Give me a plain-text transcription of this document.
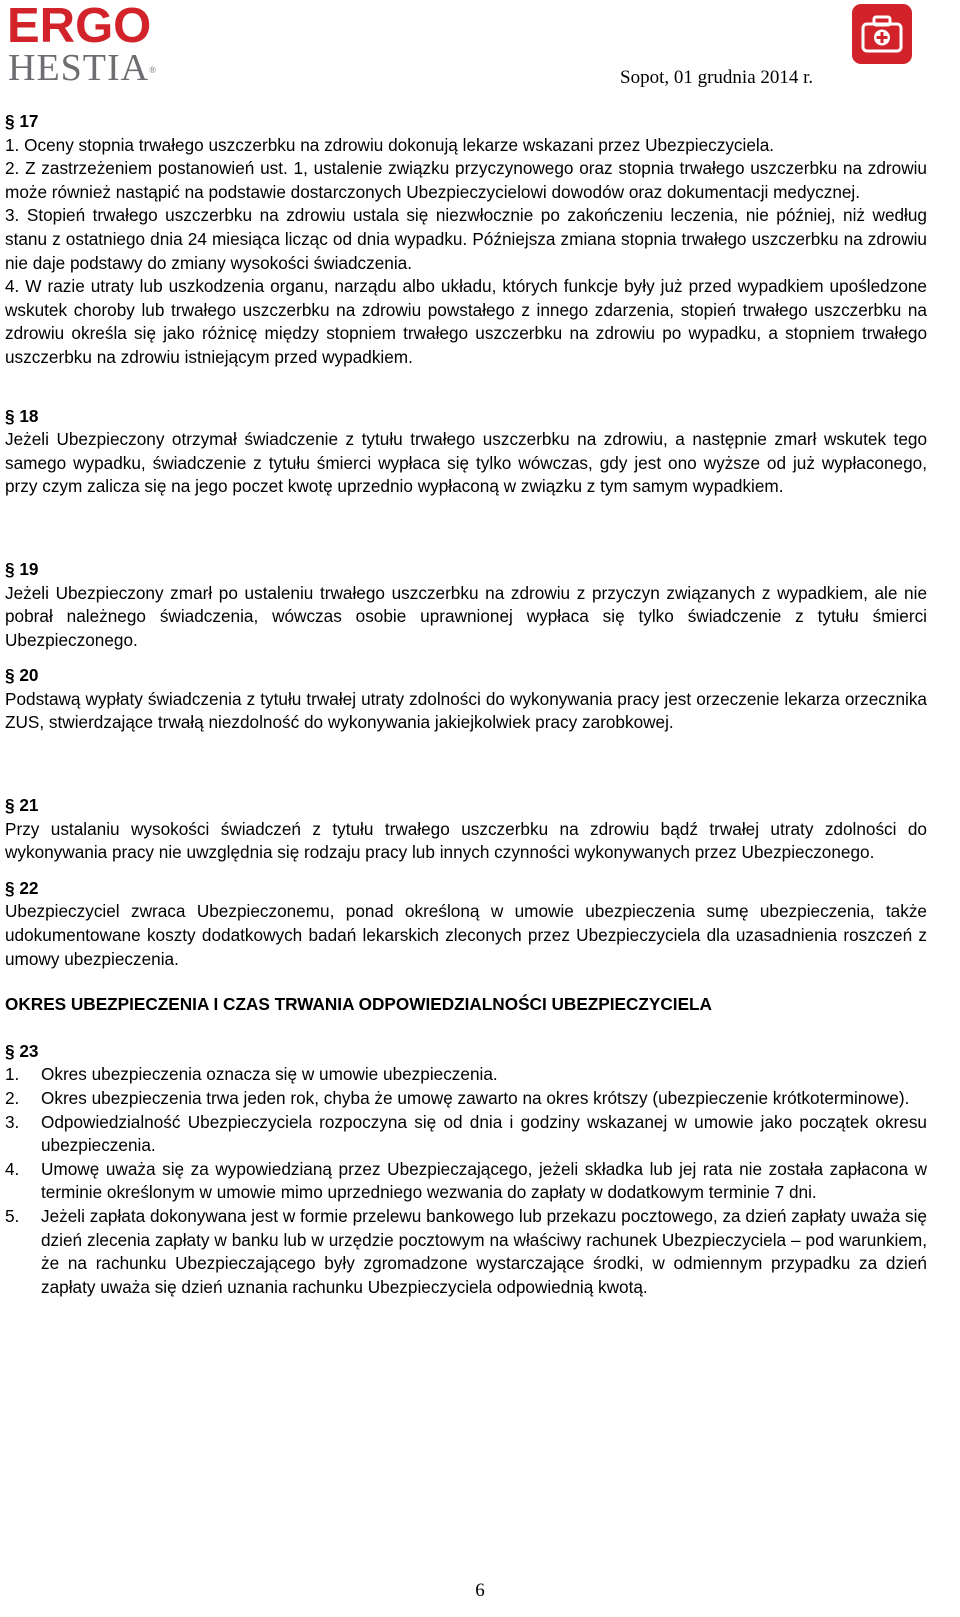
ERGO
HESTIA®	Sopot, 01 grudnia 2014 r.

§ 17

1. Oceny stopnia trwałego uszczerbku na zdrowiu dokonują lekarze wskazani przez Ubezpieczyciela.

2. Z zastrzeżeniem postanowień ust. 1, ustalenie związku przyczynowego oraz stopnia trwałego uszczerbku na zdrowiu może również nastąpić na podstawie dostarczonych Ubezpieczycielowi dowodów oraz dokumentacji medycznej.

3. Stopień trwałego uszczerbku na zdrowiu ustala się niezwłocznie po zakończeniu leczenia, nie później, niż według stanu z ostatniego dnia 24 miesiąca licząc od dnia wypadku. Późniejsza zmiana stopnia trwałego uszczerbku na zdrowiu nie daje podstawy do zmiany wysokości świadczenia.

4. W razie utraty lub uszkodzenia organu, narządu albo układu, których funkcje były już przed wypadkiem upośledzone wskutek choroby lub trwałego uszczerbku na zdrowiu powstałego z innego zdarzenia, stopień trwałego uszczerbku na zdrowiu określa się jako różnicę między stopniem trwałego uszczerbku na zdrowiu po wypadku, a stopniem trwałego uszczerbku na zdrowiu istniejącym przed wypadkiem.

§ 18

Jeżeli Ubezpieczony otrzymał świadczenie z tytułu trwałego uszczerbku na zdrowiu, a następnie zmarł wskutek tego samego wypadku, świadczenie z tytułu śmierci wypłaca się tylko wówczas, gdy jest ono wyższe od już wypłaconego, przy czym zalicza się na jego poczet kwotę uprzednio wypłaconą w związku z tym samym wypadkiem.

§ 19

Jeżeli Ubezpieczony zmarł po ustaleniu trwałego uszczerbku na zdrowiu z przyczyn związanych z wypadkiem, ale nie pobrał należnego świadczenia, wówczas osobie uprawnionej wypłaca się tylko świadczenie z tytułu śmierci Ubezpieczonego.

§ 20

Podstawą wypłaty świadczenia z tytułu trwałej utraty zdolności do wykonywania pracy jest orzeczenie lekarza orzecznika ZUS, stwierdzające trwałą niezdolność do wykonywania jakiejkolwiek pracy zarobkowej.

§ 21

Przy ustalaniu wysokości świadczeń z tytułu trwałego uszczerbku na zdrowiu bądź trwałej utraty zdolności do wykonywania pracy nie uwzględnia się rodzaju pracy lub innych czynności wykonywanych przez Ubezpieczonego.

§ 22

Ubezpieczyciel zwraca Ubezpieczonemu, ponad określoną w umowie ubezpieczenia sumę ubezpieczenia, także udokumentowane koszty dodatkowych badań lekarskich zleconych przez Ubezpieczyciela dla uzasadnienia roszczeń z umowy ubezpieczenia.

OKRES UBEZPIECZENIA I CZAS TRWANIA ODPOWIEDZIALNOŚCI UBEZPIECZYCIELA

§ 23

1.	Okres ubezpieczenia oznacza się w umowie ubezpieczenia.
2.	Okres ubezpieczenia trwa jeden rok, chyba że umowę zawarto na okres krótszy (ubezpieczenie krótkoterminowe).
3.	Odpowiedzialność Ubezpieczyciela rozpoczyna się od dnia i godziny wskazanej w umowie jako początek okresu ubezpieczenia.
4.	Umowę uważa się za wypowiedzianą przez Ubezpieczającego, jeżeli składka lub jej rata nie została zapłacona w terminie określonym w umowie mimo uprzedniego wezwania do zapłaty w dodatkowym terminie 7 dni.
5.	Jeżeli zapłata dokonywana jest w formie przelewu bankowego lub przekazu pocztowego, za dzień zapłaty uważa się dzień zlecenia zapłaty w banku lub w urzędzie pocztowym na właściwy rachunek Ubezpieczyciela – pod warunkiem, że na rachunku Ubezpieczającego były zgromadzone wystarczające środki, w odmiennym przypadku za dzień zapłaty uważa się dzień uznania rachunku Ubezpieczyciela odpowiednią kwotą.
6
